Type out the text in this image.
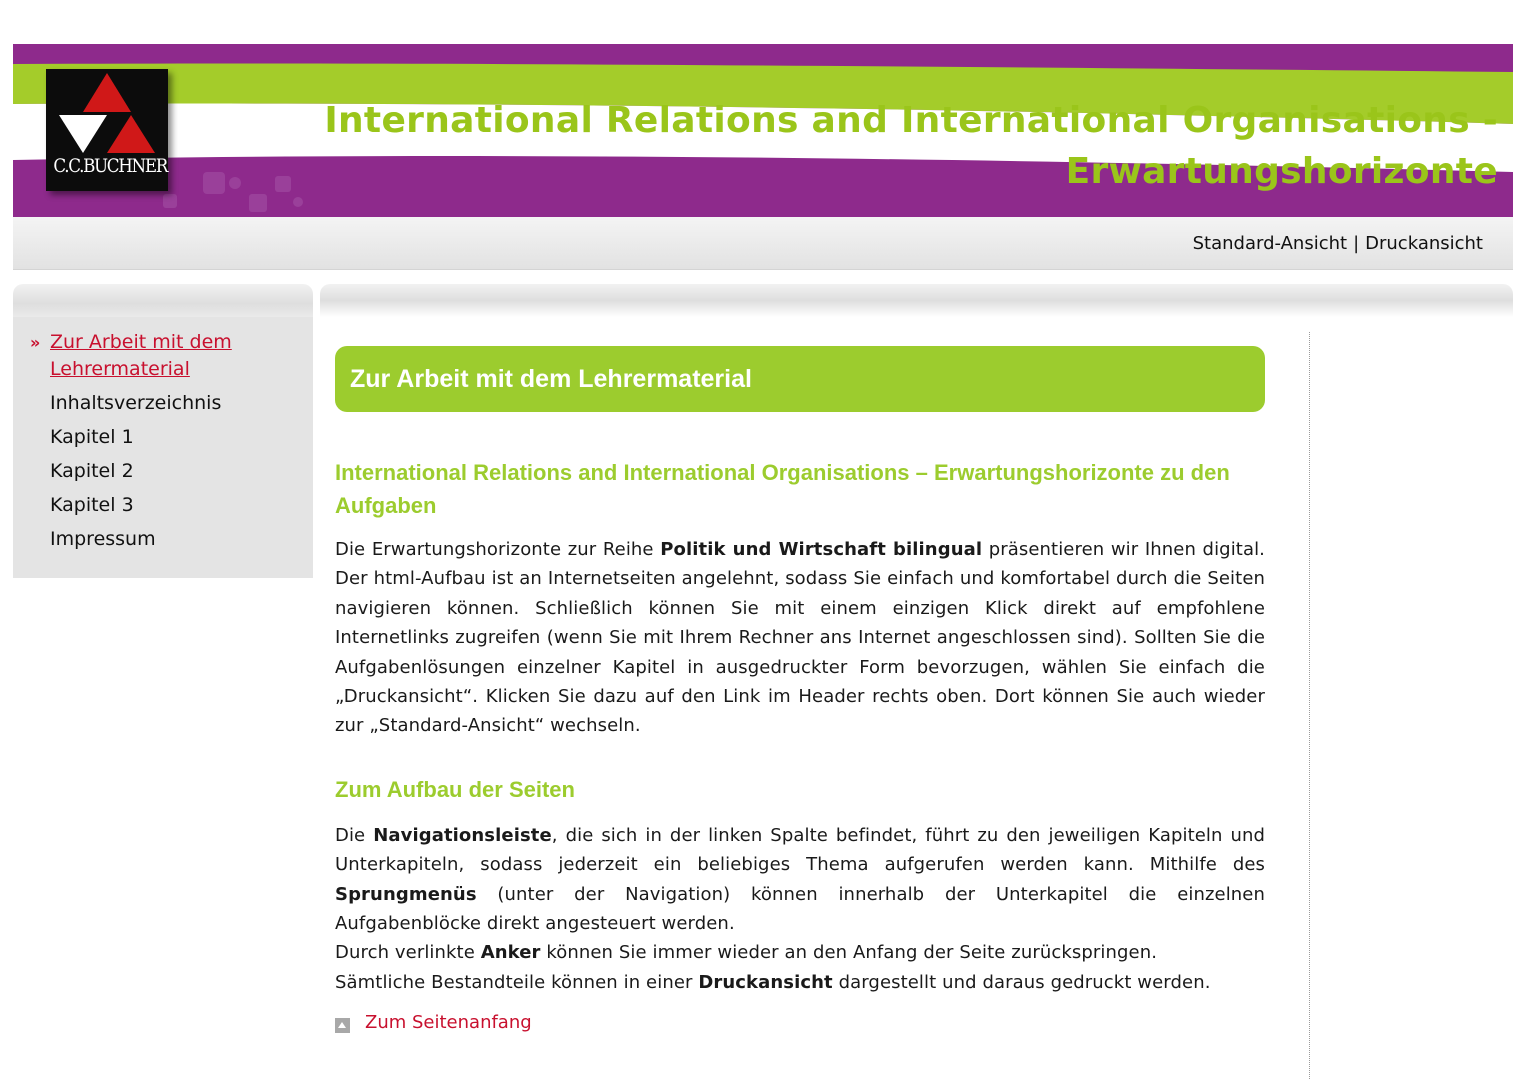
C.C.BUCHNER
International Relations and International Organisations -
Erwartungshorizonte
Standard-Ansicht | Druckansicht
» Zur Arbeit mit dem
Lehrermaterial
Inhaltsverzeichnis
Kapitel 1
Kapitel 2
Kapitel 3
Impressum
Zur Arbeit mit dem Lehrermaterial
International Relations and International Organisations – Erwartungshorizonte zu den Aufgaben

Die Erwartungshorizonte zur Reihe Politik und Wirtschaft bilingual präsentieren wir Ihnen digital. Der html-Aufbau ist an Internetseiten angelehnt, sodass Sie einfach und komfortabel durch die Seiten navigieren können. Schließlich können Sie mit einem einzigen Klick direkt auf empfohlene Internetlinks zugreifen (wenn Sie mit Ihrem Rechner ans Internet angeschlossen sind). Sollten Sie die Aufgabenlösungen einzelner Kapitel in ausgedruckter Form bevorzugen, wählen Sie einfach die „Druckansicht“. Klicken Sie dazu auf den Link im Header rechts oben. Dort können Sie auch wieder zur „Standard-Ansicht“ wechseln.

Zum Aufbau der Seiten

Die Navigationsleiste, die sich in der linken Spalte befindet, führt zu den jeweiligen Kapiteln und Unterkapiteln, sodass jederzeit ein beliebiges Thema aufgerufen werden kann. Mithilfe des Sprungmenüs (unter der Navigation) können innerhalb der Unterkapitel die einzelnen Aufgabenblöcke direkt angesteuert werden.
Durch verlinkte Anker können Sie immer wieder an den Anfang der Seite zurückspringen.
Sämtliche Bestandteile können in einer Druckansicht dargestellt und daraus gedruckt werden.

Zum Seitenanfang
